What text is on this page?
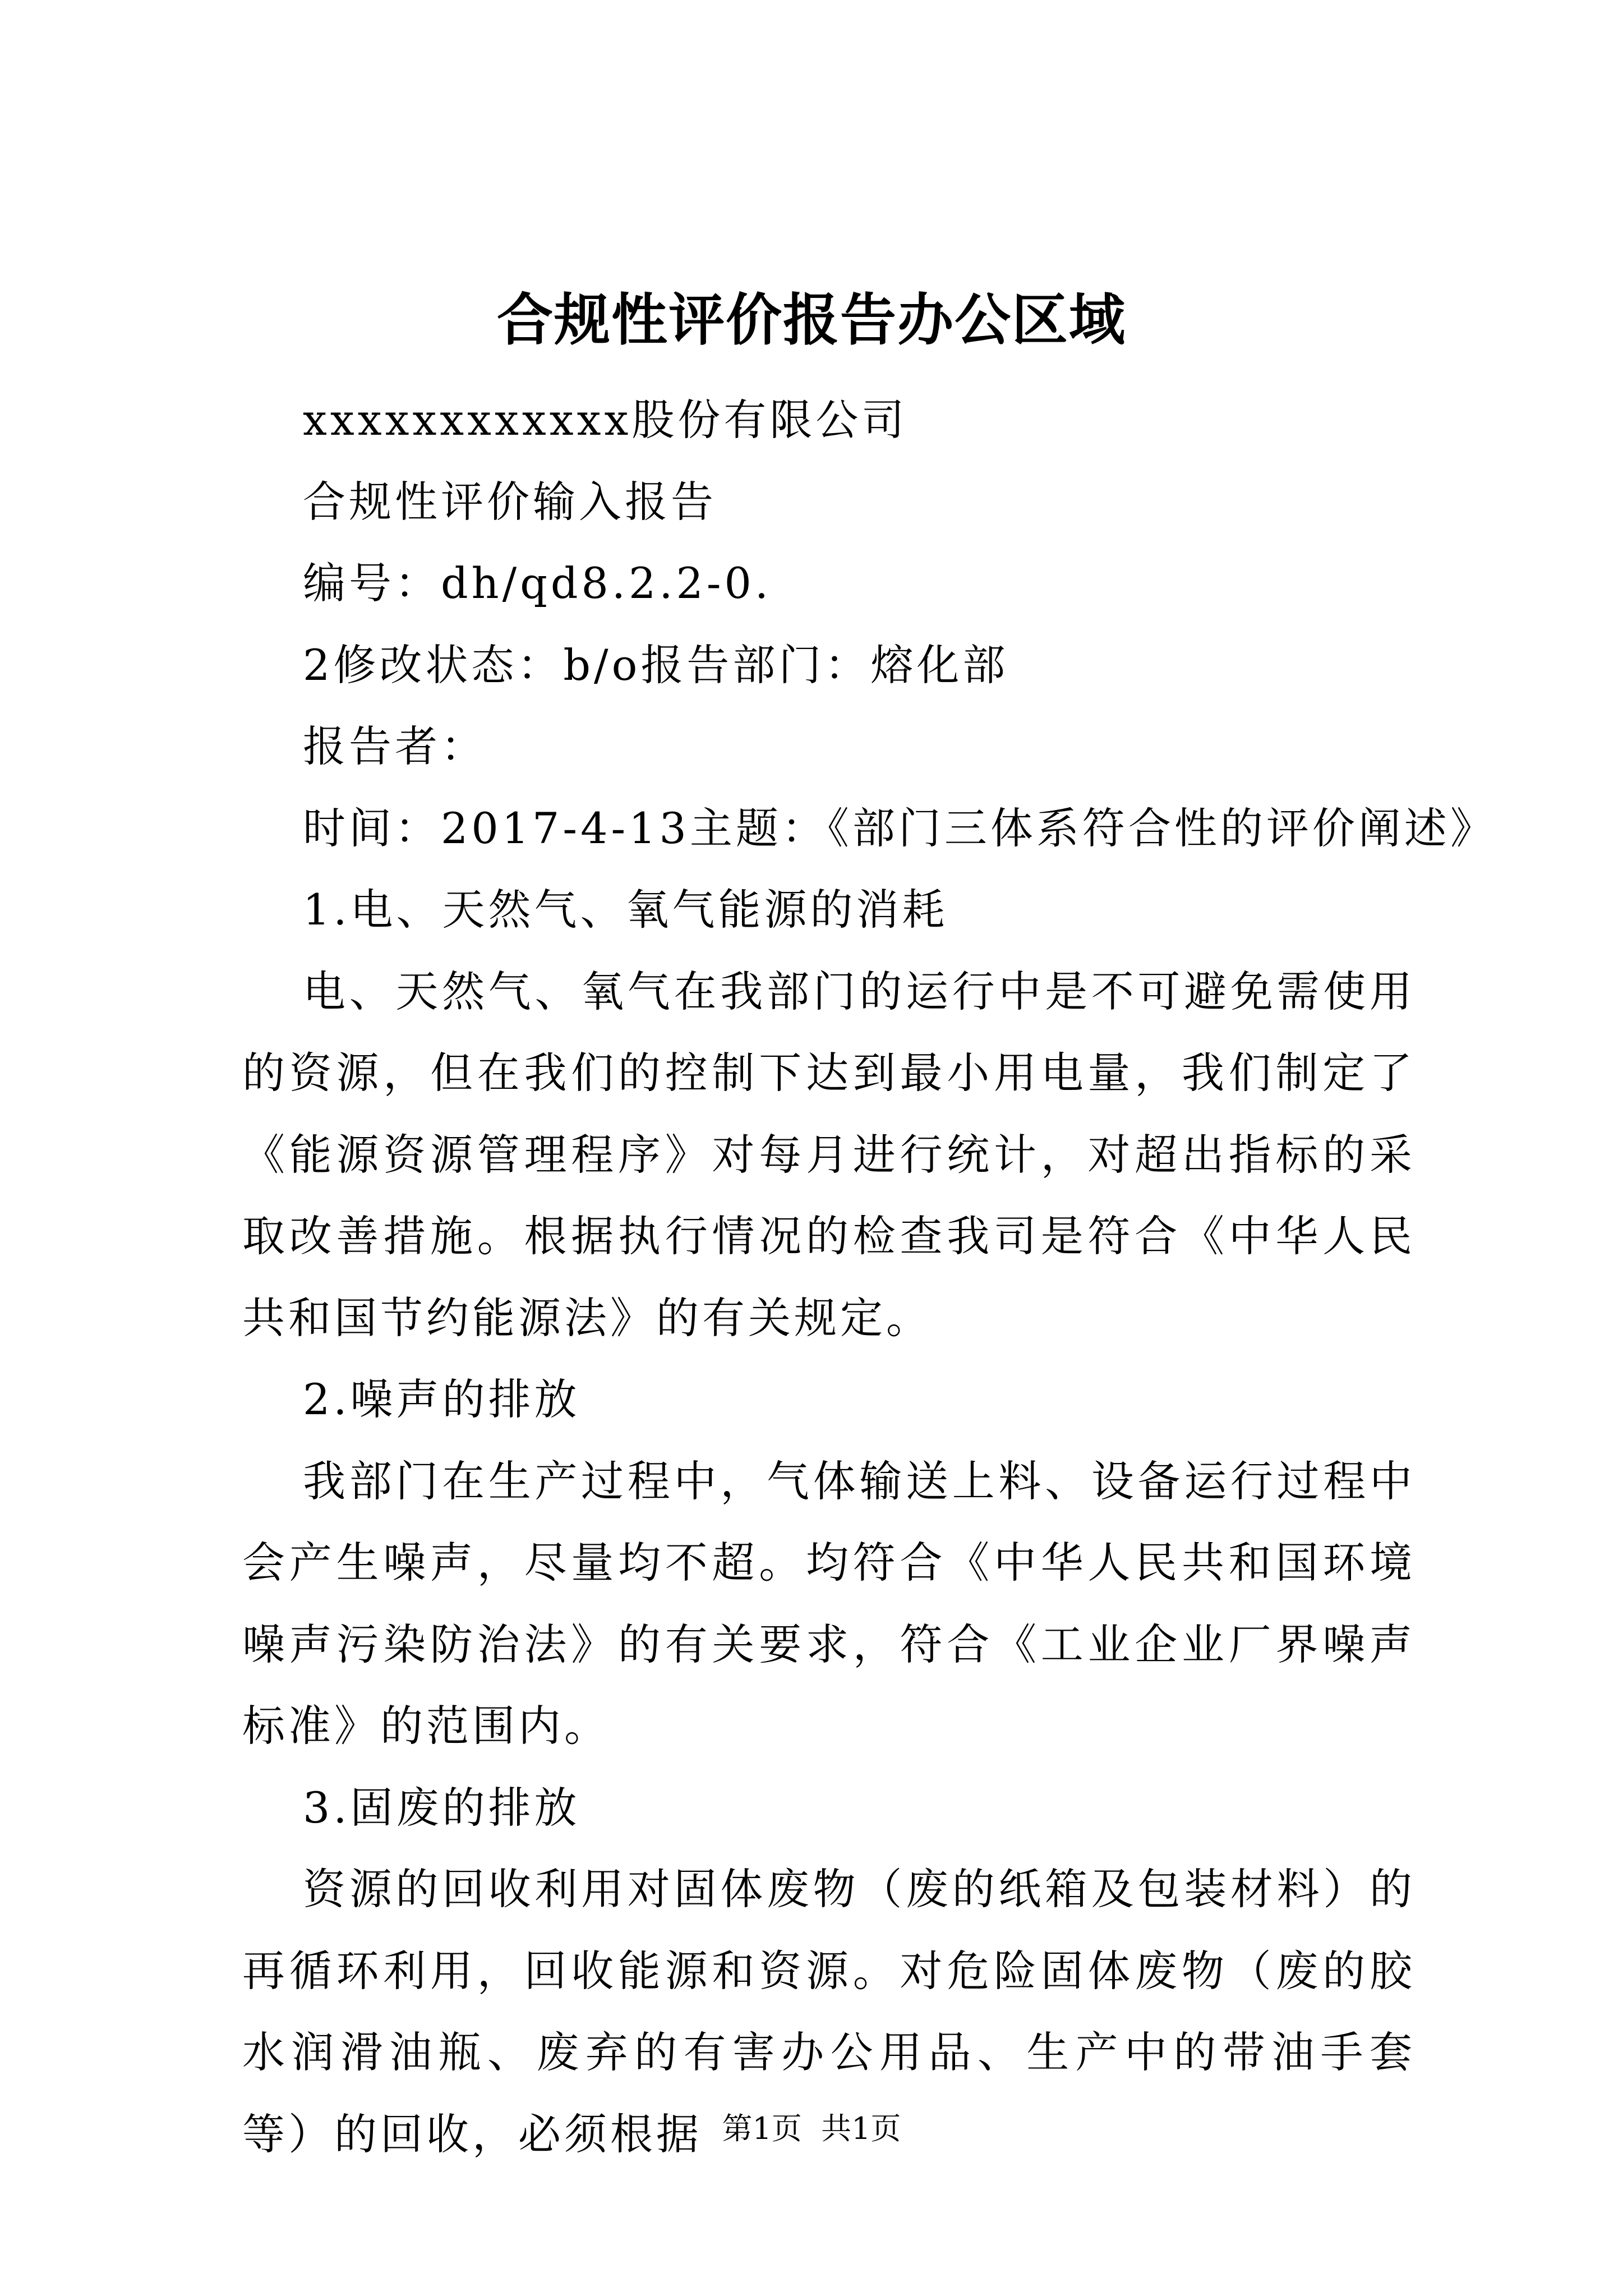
合规性评价报告办公区域

xxxxxxxxxxxx股份有限公司

合规性评价输入报告

编号：dh/qd8.2.2-0.

2修改状态：b/o报告部门：熔化部

报告者：

时间：2017-4-13主题：《部门三体系符合性的评价阐述》

1.电、天然气、氧气能源的消耗

电、天然气、氧气在我部门的运行中是不可避免需使用的资源，但在我们的控制下达到最小用电量，我们制定了《能源资源管理程序》对每月进行统计，对超出指标的采取改善措施。根据执行情况的检查我司是符合《中华人民共和国节约能源法》的有关规定。

2.噪声的排放

我部门在生产过程中，气体输送上料、设备运行过程中会产生噪声，尽量均不超。均符合《中华人民共和国环境噪声污染防治法》的有关要求，符合《工业企业厂界噪声标准》的范围内。

3.固废的排放

资源的回收利用对固体废物（废的纸箱及包装材料）的再循环利用，回收能源和资源。对危险固体废物（废的胶水润滑油瓶、废弃的有害办公用品、生产中的带油手套等）的回收，必须根据 第1页  共1页
